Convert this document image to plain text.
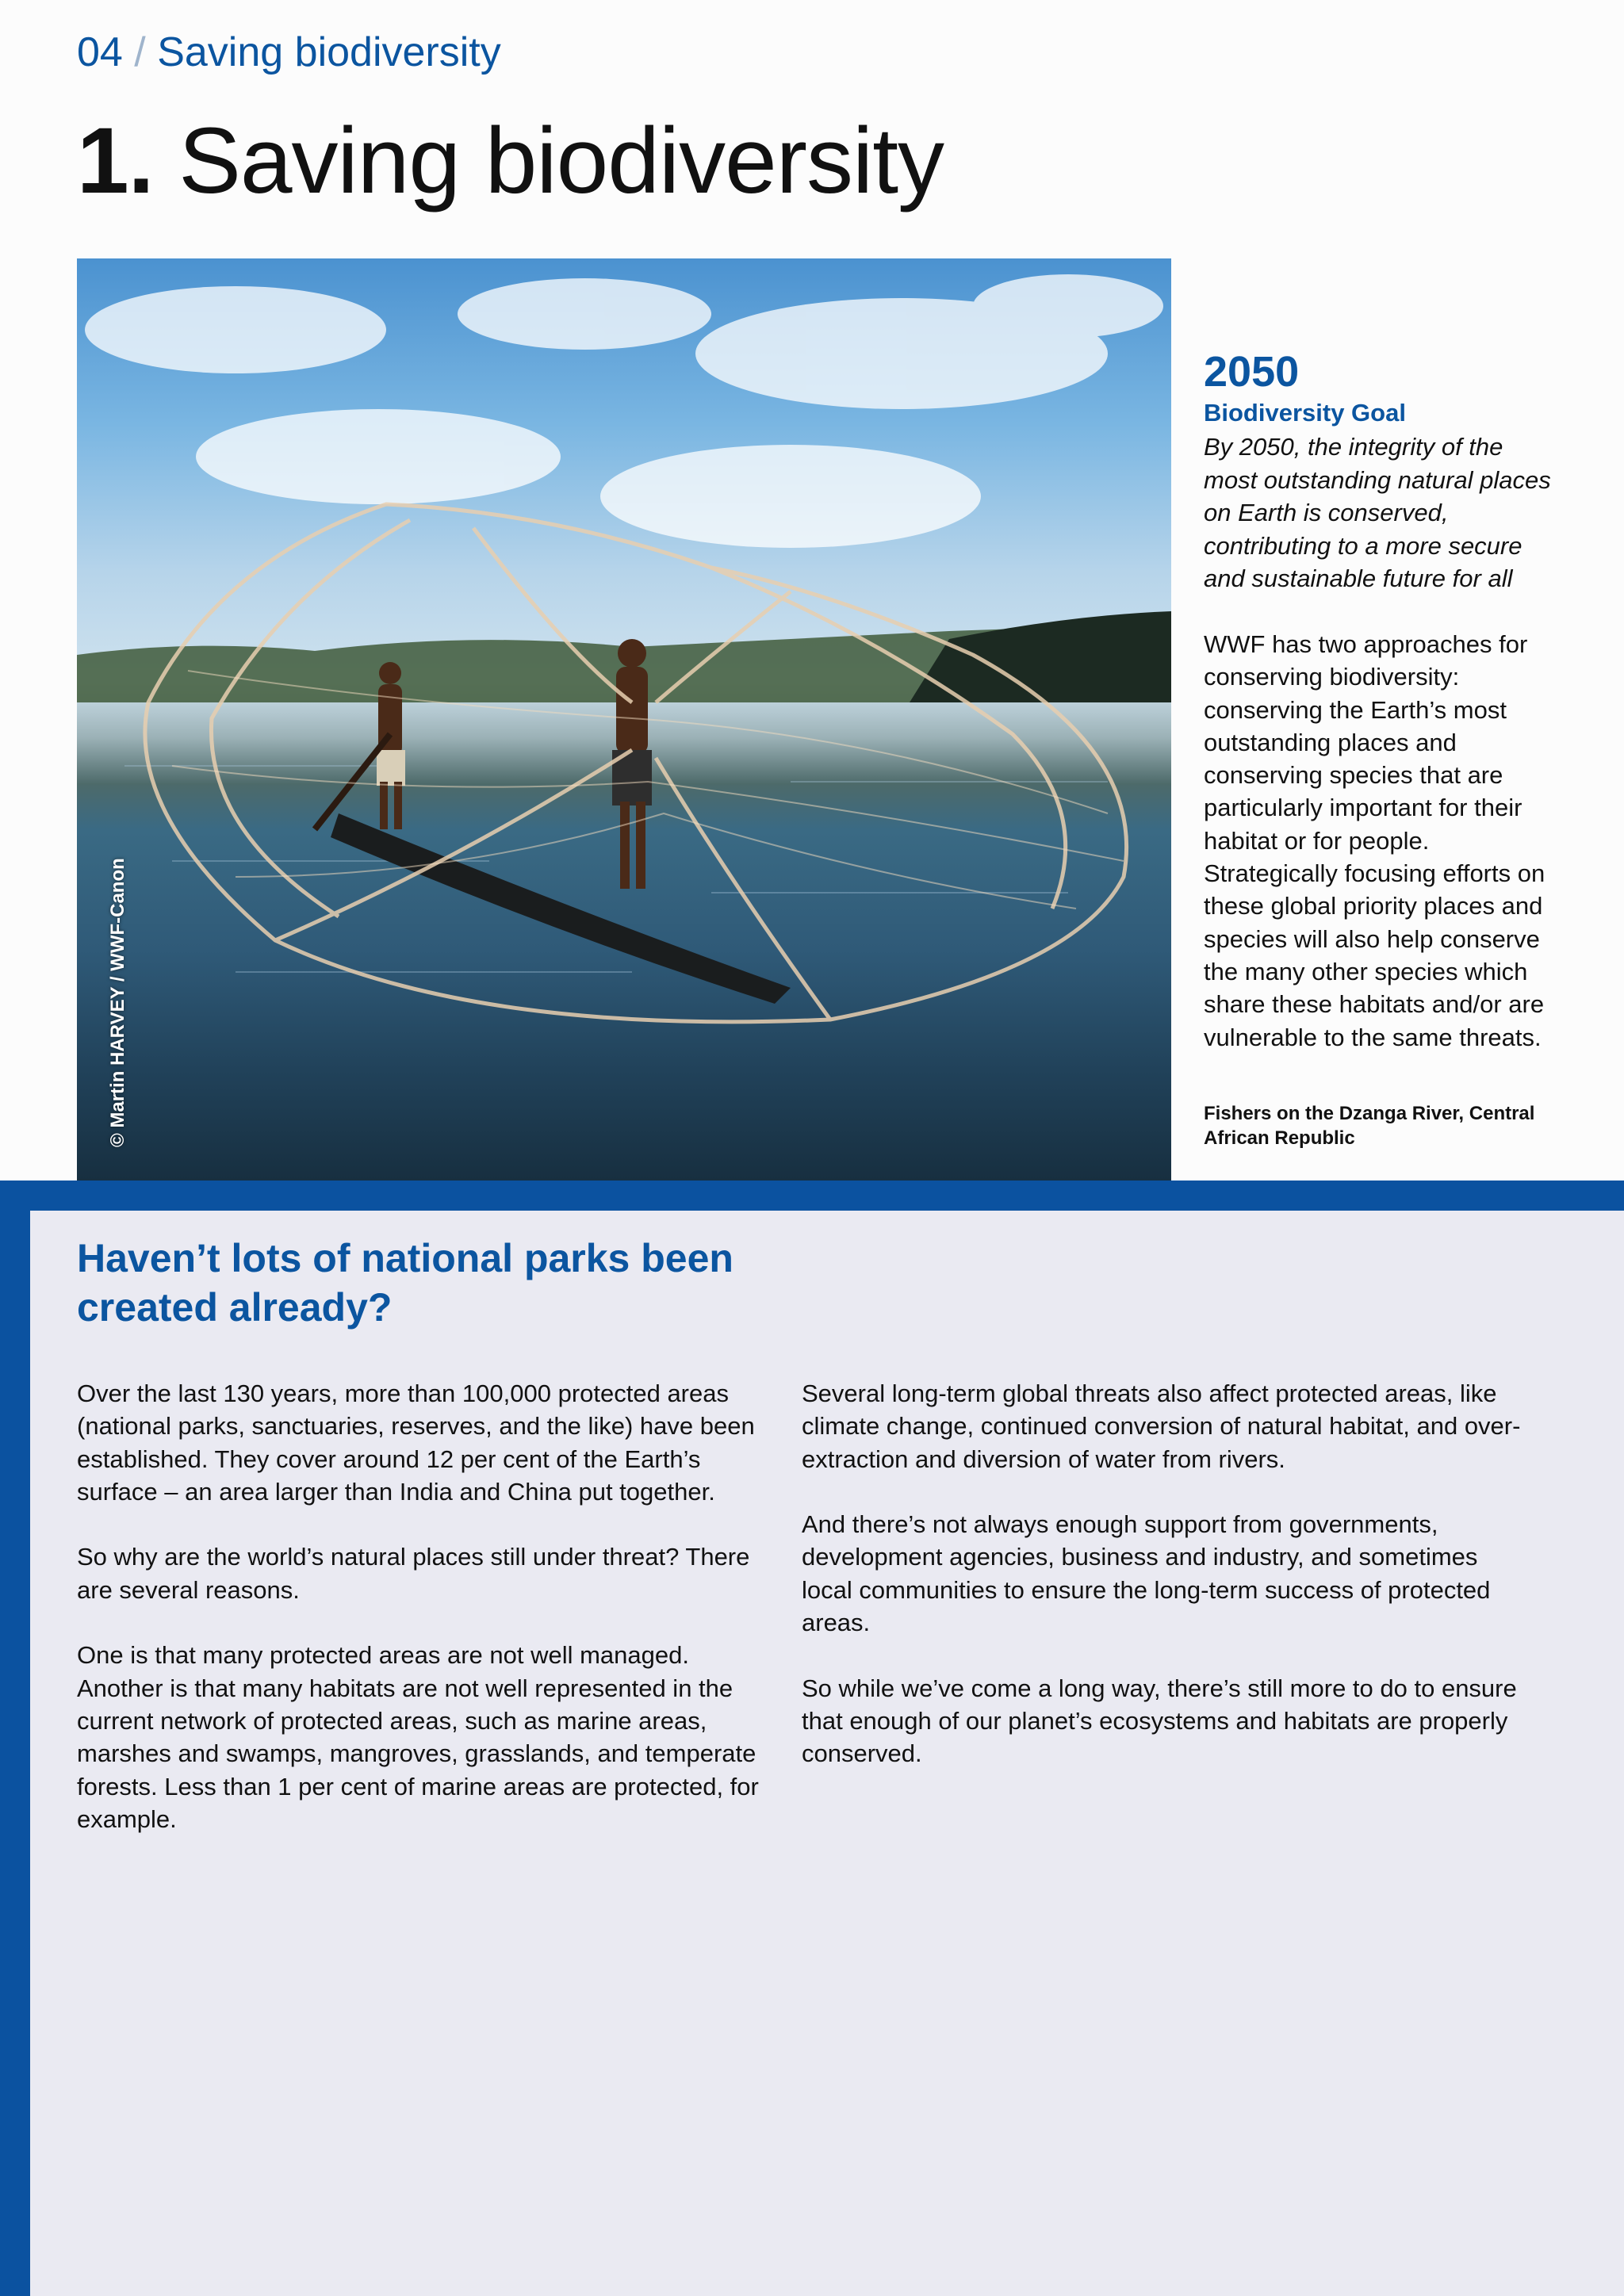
04 / Saving biodiversity
1. Saving biodiversity
© Martin HARVEY / WWF-Canon
2050
Biodiversity Goal
By 2050, the integrity of the most outstanding natural places on Earth is conserved, contributing to a more secure and sustainable future for all
WWF has two approaches for conserving biodiversity: conserving the Earth’s most outstanding places and conserving species that are particularly important for their habitat or for people. Strategically focusing efforts on these global priority places and species will also help conserve the many other species which share these habitats and/or are vulnerable to the same threats.
Fishers on the Dzanga River, Central African Republic
Haven’t lots of national parks been created already?

Over the last 130 years, more than 100,000 protected areas (national parks, sanctuaries, reserves, and the like) have been established. They cover around 12 per cent of the Earth’s surface – an area larger than India and China put together.

So why are the world’s natural places still under threat? There are several reasons.

One is that many protected areas are not well managed. Another is that many habitats are not well represented in the current network of protected areas, such as marine areas, marshes and swamps, mangroves, grasslands, and temperate forests. Less than 1 per cent of marine areas are protected, for example.

Several long-term global threats also affect protected areas, like climate change, continued conversion of natural habitat, and over-extraction and diversion of water from rivers.

And there’s not always enough support from governments, development agencies, business and industry, and sometimes local communities to ensure the long-term success of protected areas.

So while we’ve come a long way, there’s still more to do to ensure that enough of our planet’s ecosystems and habitats are properly conserved.
